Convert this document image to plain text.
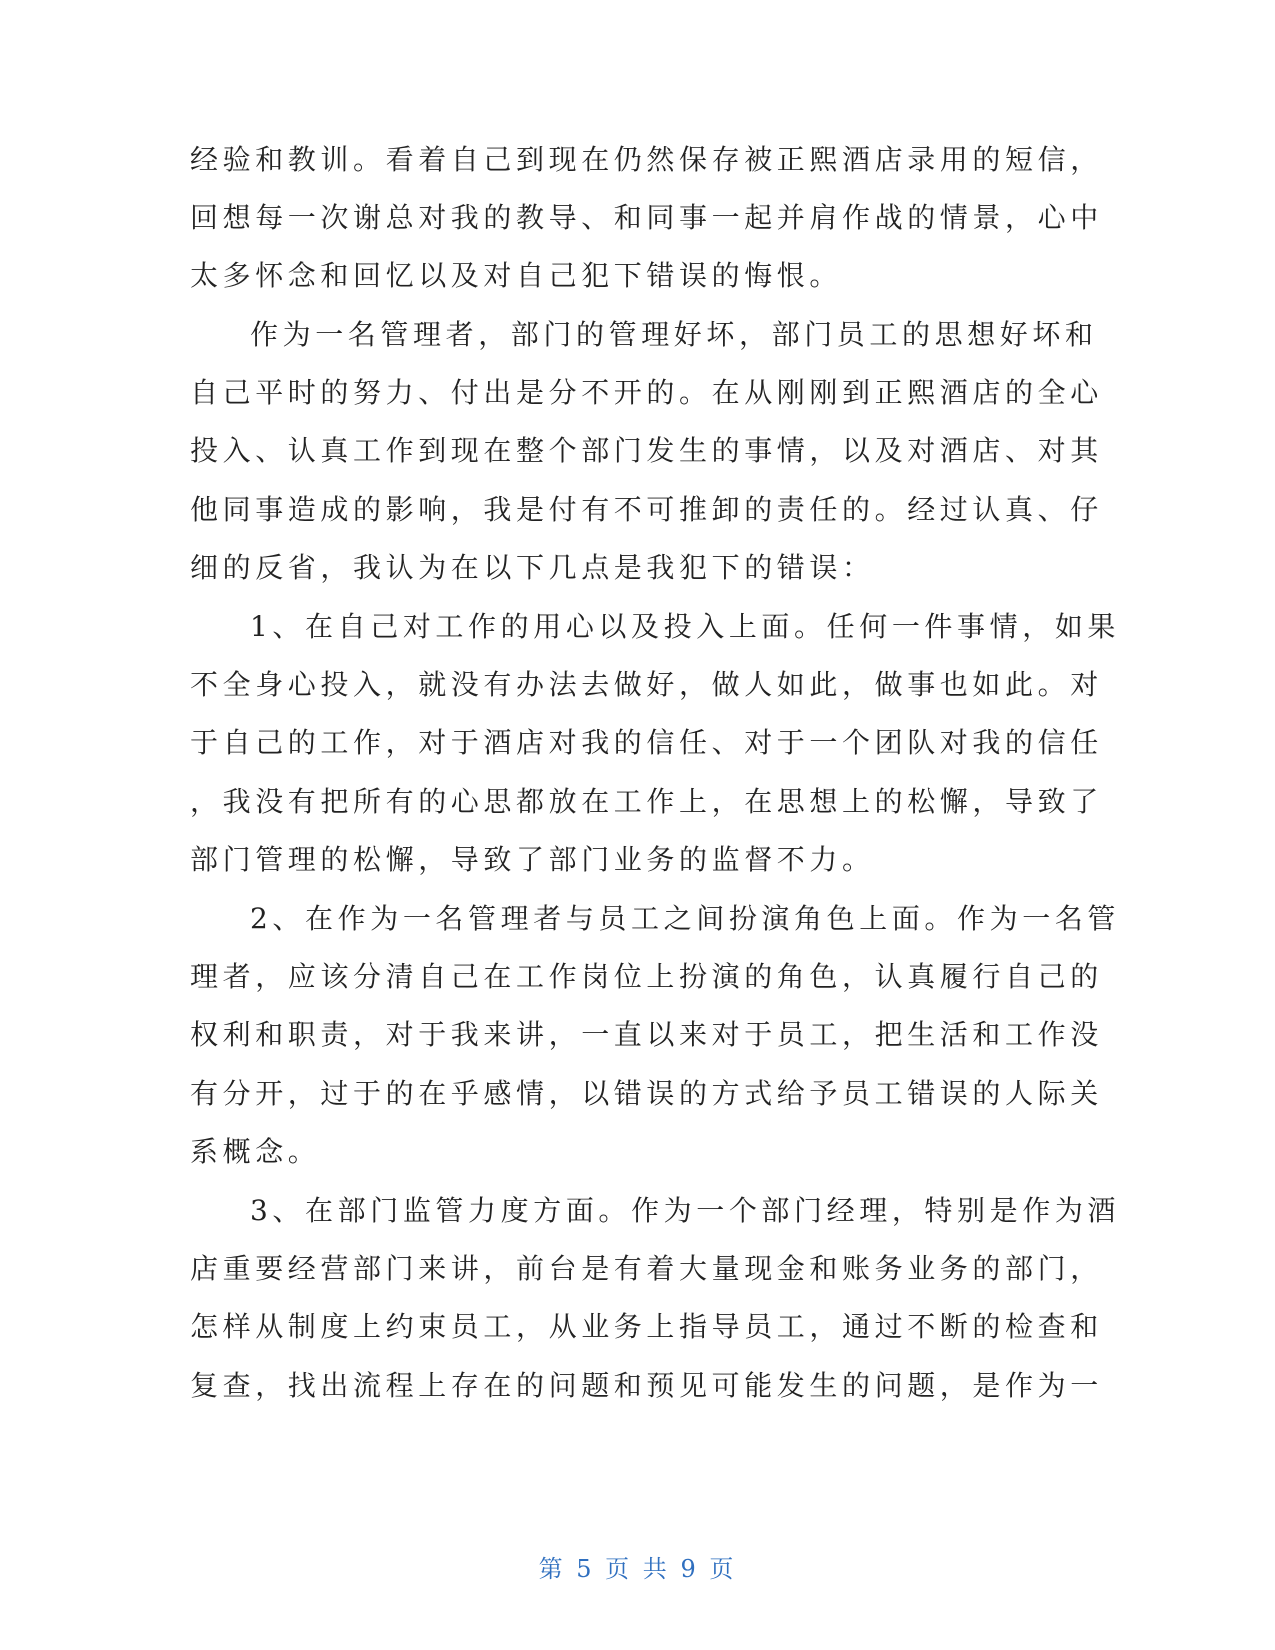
经验和教训。看着自己到现在仍然保存被正熙酒店录用的短信，
回想每一次谢总对我的教导、和同事一起并肩作战的情景，心中
太多怀念和回忆以及对自己犯下错误的悔恨。
作为一名管理者，部门的管理好坏，部门员工的思想好坏和
自己平时的努力、付出是分不开的。在从刚刚到正熙酒店的全心
投入、认真工作到现在整个部门发生的事情，以及对酒店、对其
他同事造成的影响，我是付有不可推卸的责任的。经过认真、仔
细的反省，我认为在以下几点是我犯下的错误：
1、在自己对工作的用心以及投入上面。任何一件事情，如果
不全身心投入，就没有办法去做好，做人如此，做事也如此。对
于自己的工作，对于酒店对我的信任、对于一个团队对我的信任
，我没有把所有的心思都放在工作上，在思想上的松懈，导致了
部门管理的松懈，导致了部门业务的监督不力。
2、在作为一名管理者与员工之间扮演角色上面。作为一名管
理者，应该分清自己在工作岗位上扮演的角色，认真履行自己的
权利和职责，对于我来讲，一直以来对于员工，把生活和工作没
有分开，过于的在乎感情，以错误的方式给予员工错误的人际关
系概念。
3、在部门监管力度方面。作为一个部门经理，特别是作为酒
店重要经营部门来讲，前台是有着大量现金和账务业务的部门，
怎样从制度上约束员工，从业务上指导员工，通过不断的检查和
复查，找出流程上存在的问题和预见可能发生的问题，是作为一
第 5 页 共 9 页
